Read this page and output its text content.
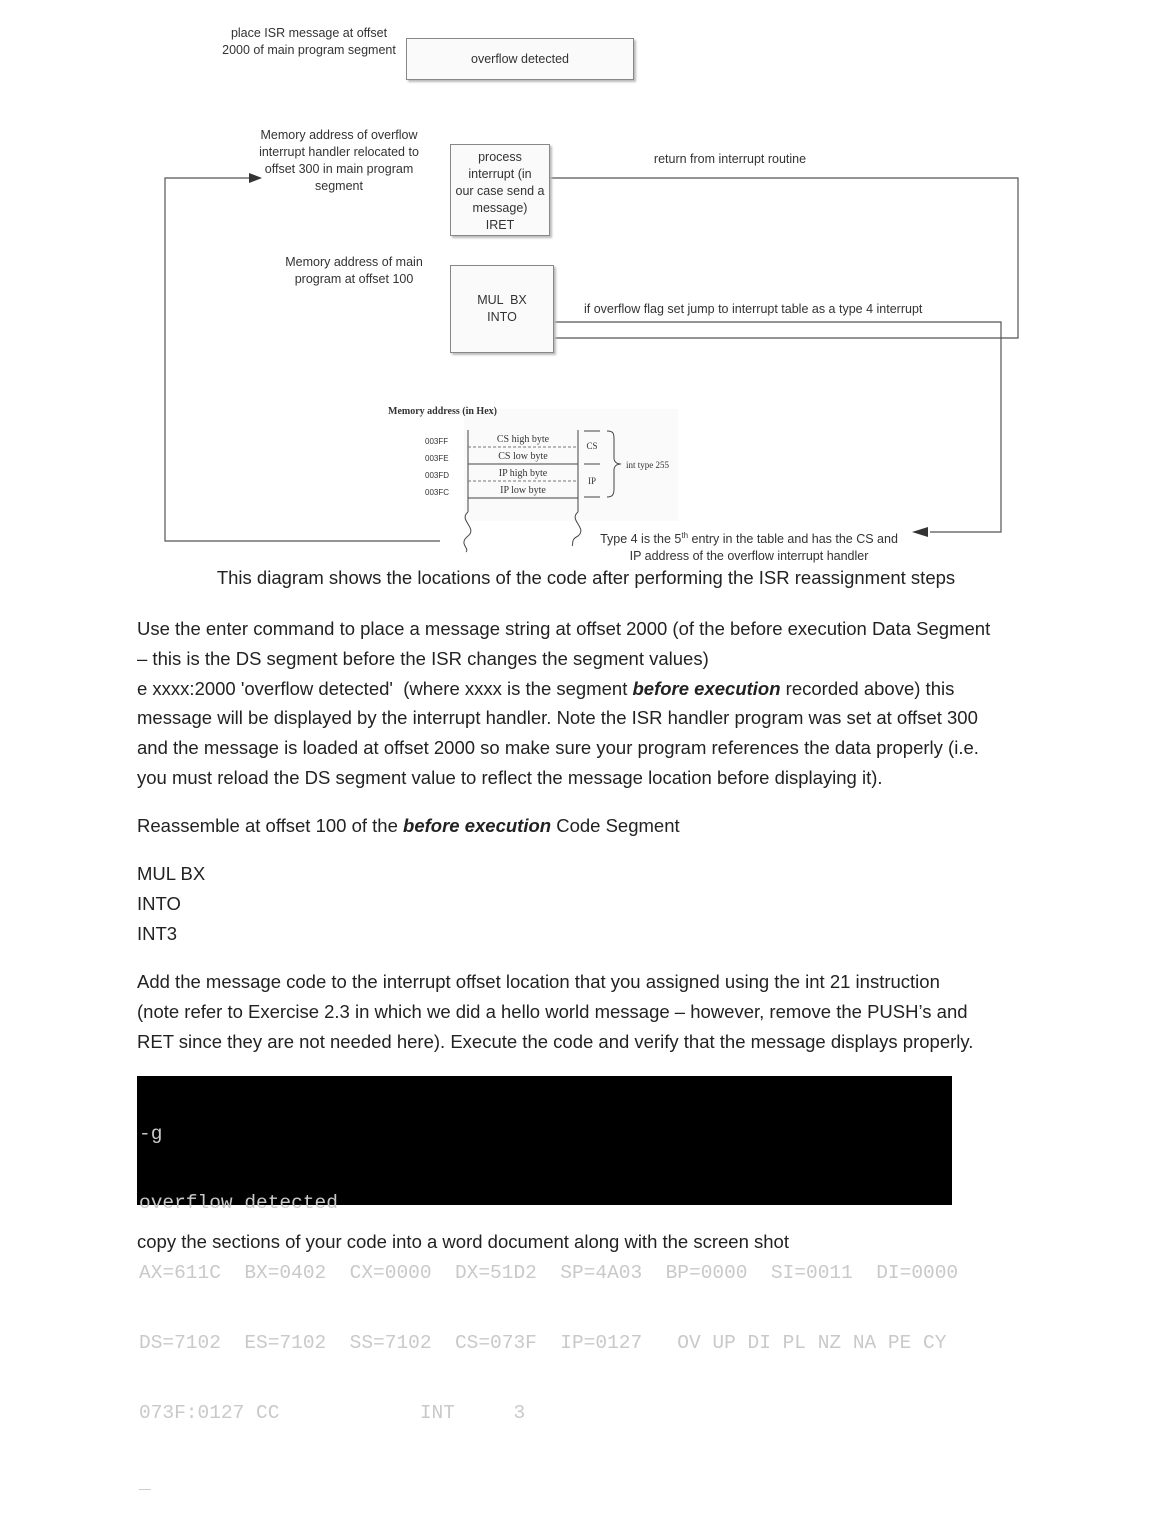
place ISR message at offset 2000 of main program segment
overflow detected
Memory address of overflow interrupt handler relocated to offset 300 in main program segment
process
interrupt (in
our case send a
message)
IRET
return from interrupt routine
Memory address of main program at offset 100
MUL  BX
INTO
if overflow flag set jump to interrupt table as a type 4 interrupt
Memory address (in Hex)
003FF
003FE
003FD
003FC
CS high byte
CS low byte
IP high byte
IP low byte
CS
IP
int type 255
Type 4 is the 5th entry in the table and has the CS and
IP address of the overflow interrupt handler
This diagram shows the locations of the code after performing the ISR reassignment steps
Use the enter command to place a message string at offset 2000 (of the before execution Data Segment
– this is the DS segment before the ISR changes the segment values)
e xxxx:2000 'overflow detected'  (where xxxx is the segment before execution recorded above) this
message will be displayed by the interrupt handler. Note the ISR handler program was set at offset 300
and the message is loaded at offset 2000 so make sure your program references the data properly (i.e.
you must reload the DS segment value to reflect the message location before displaying it).
Reassemble at offset 100 of the before execution Code Segment
MUL BX
INTO
INT3
Add the message code to the interrupt offset location that you assigned using the int 21 instruction
(note refer to Exercise 2.3 in which we did a hello world message – however, remove the PUSH’s and
RET since they are not needed here). Execute the code and verify that the message displays properly.

-g

overflow detected

AX=611C  BX=0402  CX=0000  DX=51D2  SP=4A03  BP=0000  SI=0011  DI=0000

DS=7102  ES=7102  SS=7102  CS=073F  IP=0127   OV UP DI PL NZ NA PE CY

073F:0127 CC            INT     3

_

copy the sections of your code into a word document along with the screen shot
